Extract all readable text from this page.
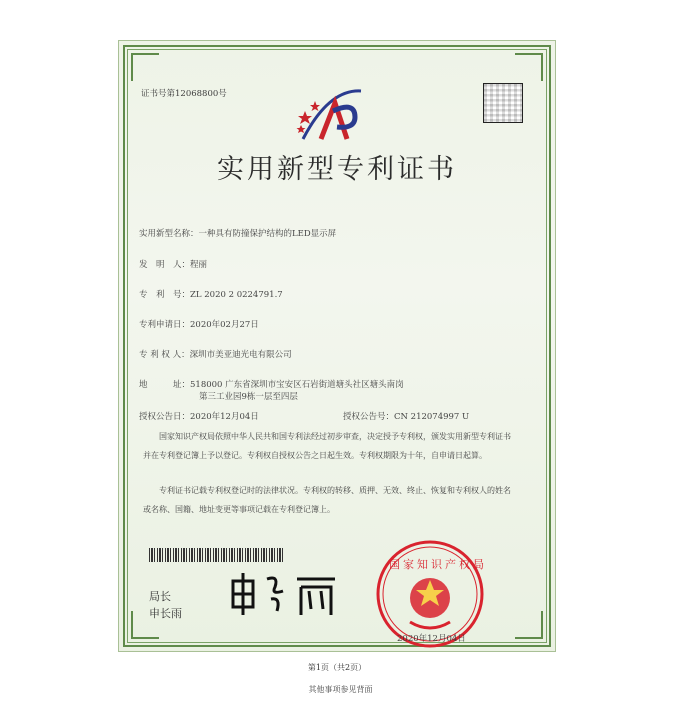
证书号第12068800号
实用新型专利证书
实用新型名称：一种具有防撞保护结构的LED显示屏
发　明　人：程丽
专　利　号：ZL 2020 2 0224791.7
专利申请日：2020年02月27日
专 利 权 人：深圳市美亚迪光电有限公司
地　　　址：518000 广东省深圳市宝安区石岩街道塘头社区塘头南岗
第三工业园9栋一层至四层
授权公告日：2020年12月04日	授权公告号：CN 212074997 U
国家知识产权局依照中华人民共和国专利法经过初步审查，决定授予专利权，颁发实用新型专利证书并在专利登记簿上予以登记。专利权自授权公告之日起生效。专利权期限为十年，自申请日起算。
专利证书记载专利权登记时的法律状况。专利权的转移、质押、无效、终止、恢复和专利权人的姓名或名称、国籍、地址变更等事项记载在专利登记簿上。
局长
申长雨
国家知识产权局
2020年12月04日
第1页（共2页）
其他事项参见背面
